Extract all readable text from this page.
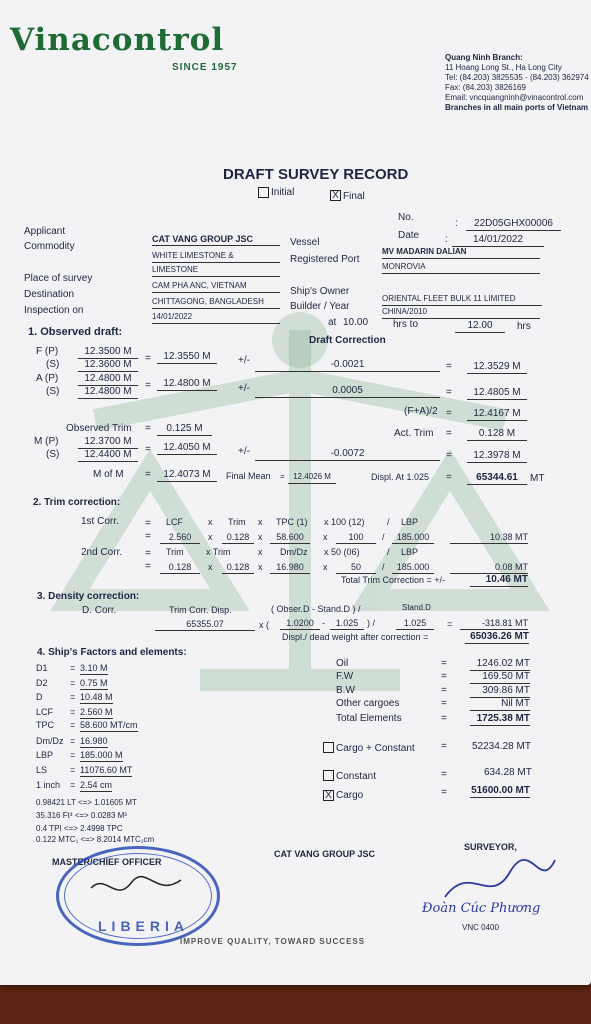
Vinacontrol
SINCE 1957
Quang Ninh Branch:
11 Hoang Long St., Ha Long City
Tel: (84.203) 3825535 - (84.203) 362974
Fax: (84.203) 3826169
Email: vncquangninh@vinacontrol.com
Branches in all main ports of Vietnam
DRAFT SURVEY RECORD
Initial	X Final
No.
:	22D05GHX00006
Date	:	14/01/2022
Applicant
CAT VANG GROUP JSC
Commodity
WHITE LIMESTONE &
LIMESTONE
Vessel
MV MADARIN DALIAN
Registered Port
MONROVIA
Place of survey
CAM PHA ANC, VIETNAM
Destination
CHITTAGONG, BANGLADESH
Inspection on
14/01/2022
Ship's Owner
ORIENTAL FLEET BULK 11 LIMITED
Builder / Year	CHINA/2010
at 10.00 hrs to	12.00	hrs
1. Observed draft:
Draft Correction
F (P)	12.3500 M
(S)	12.3600 M
=	12.3550 M	+/-	-0.0021	=	12.3529 M
A (P)	12.4800 M
(S)	12.4800 M
=	12.4800 M	+/-	0.0005	=	12.4805 M
(F+A)/2 =	12.4167 M
Observed Trim =	0.125 M	Act. Trim =	0.128 M
M (P)	12.3700 M
(S)	12.4400 M	=	12.4050 M	+/-	-0.0072	=	12.3978 M
M of M =	12.4073 M	Final Mean =	12.4026 M	Displ. At 1.025 =	65344.61	MT
2. Trim correction:
1st Corr.	= LCF	x Trim x TPC (1) x 100 (12) / LBP
=	2.560	x	0.128 x	58.600	x	100	/	185.000	10.38 MT
2nd Corr. = Trim x Trim	x Dm/Dz x 50 (06)	/ LBP
=	0.128	x	0.128 x	16.980	x	50	/	185.000	0.08 MT
Total Trim Correction = +/-	10.46 MT
3. Density correction:
D. Corr.	Trim Corr. Disp.	( Obser.D - Stand.D ) /	Stand.D
65355.07	x (	1.0200 -	1.025 ) /	1.025	=	-318.81 MT
Displ./ dead weight after correction =	65036.26 MT
4. Ship's Factors and elements:
D1 = 3.10 M
D2 = 0.75 M
D	= 10.48 M
LCF = 2.560 M
TPC = 58.600 MT/cm
Dm/Dz = 16.980
LBP = 185.000 M
LS	= 11076.60 MT
1 inch = 2.54 cm
Oil	=	1246.02 MT
F.W	=	169.50 MT
B.W	=	309.86 MT
Other cargoes	=	Nil MT
Total Elements	=	1725.38 MT
Cargo + Constant	=	52234.28 MT
Constant	=	634.28 MT
X Cargo	= 51600.00 MT
0.98421 LT <=> 1.01605 MT
35.316 Ft³ <=> 0.0283 M³
0.4 TPI <=> 2.4998 TPC
0.122 MTC₁ <=> 8.2014 MTC₁cm
MASTER/CHIEF OFFICER
CAT VANG GROUP JSC
SURVEYOR,
LIBERIA
Đoàn Cúc Phương
VNC 0400
IMPROVE QUALITY, TOWARD SUCCESS
